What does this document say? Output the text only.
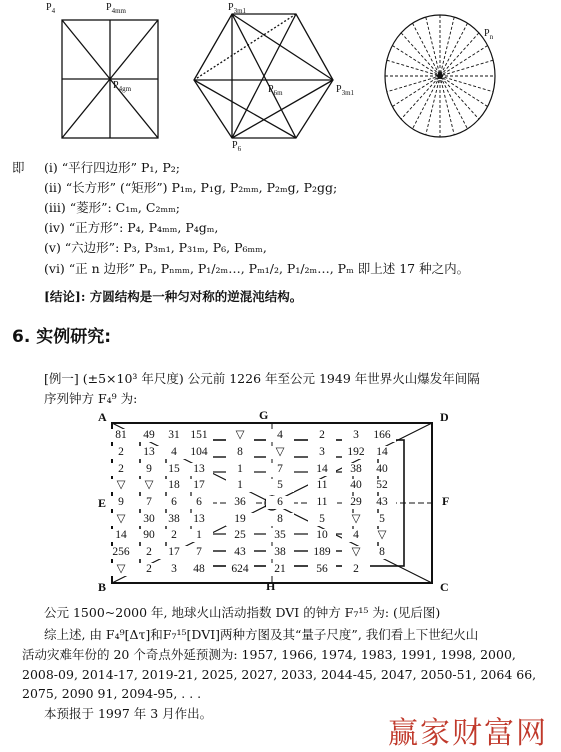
$P_4$	$P_{4mm}$
$P_{4gm}$
$P_{3m1}$
$P_{6m}$	$P_{3m1}$
$P_6$
$P_n$
即 (i) “平行四边形” P₁, P₂;
(ii) “长方形” (“矩形”) P₁ₘ, P₁g, P₂ₘₘ, P₂ₘg, P₂gg;
(iii) “菱形”: C₁ₘ, C₂ₘₘ;
(iv) “正方形”: P₄, P₄ₘₘ, P₄gₘ,
(v) “六边形”: P₃, P₃ₘ₁, P₃₁ₘ, P₆, P₆ₘₘ,
(vi) “正 n 边形” Pₙ, Pₙₘₘ, P₁/₂ₘ…, Pₘ₁/₂, P₁/₂ₘ…, Pₘ 即上述 17 种之内。
[结论]: 方圆结构是一种匀对称的逆混沌结构。
6. 实例研究:
[例一] (±5×10³ 年尺度) 公元前 1226 年至公元 1949 年世界火山爆发年间隔
序列钟方 F₄⁹ 为:
A	D
G
E	F
B	C
H
81	49	31 151	▽	4	2	3	166
2	13	4	104	8	▽	3	192	14
2	9	15	13	1	7	14	38	40
▽	▽	18	17	1	5	11	40	52
9	7	6	6	36	6	11	29	43
▽	30	38	13	19	8	5	▽	5
14	90	2	1	25	35	10	4	▽
256	2	17	7	43	38	189	▽	8
▽	2	3	48	624	21	56	2
公元 1500~2000 年, 地球火山活动指数 DVI 的钟方 F₇¹⁵ 为: (见后图)
综上述, 由 F₄⁹[Δτ]和F₇¹⁵[DVI]两种方图及其“量子尺度”, 我们看上下世纪火山
活动灾难年份的 20 个奇点外延预测为: 1957, 1966, 1974, 1983, 1991, 1998, 2000,
2008-09, 2014-17, 2019-21, 2025, 2027, 2033, 2044-45, 2047, 2050-51, 2064 66,
2075, 2090 91, 2094-95, . . .
本预报于 1997 年 3 月作出。
赢家财富网
